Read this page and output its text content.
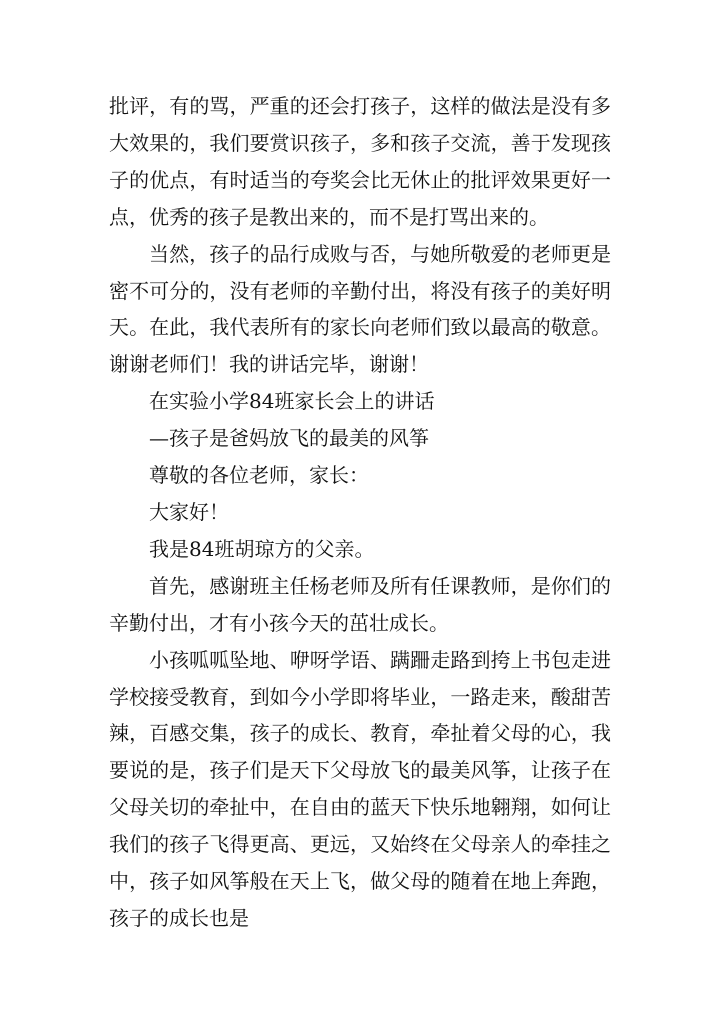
批评，有的骂，严重的还会打孩子，这样的做法是没有多大效果的，我们要赏识孩子，多和孩子交流，善于发现孩子的优点，有时适当的夸奖会比无休止的批评效果更好一点，优秀的孩子是教出来的，而不是打骂出来的。

当然，孩子的品行成败与否，与她所敬爱的老师更是密不可分的，没有老师的辛勤付出，将没有孩子的美好明天。在此，我代表所有的家长向老师们致以最高的敬意。谢谢老师们！我的讲话完毕，谢谢！

在实验小学84班家长会上的讲话

—孩子是爸妈放飞的最美的风筝

尊敬的各位老师，家长：

大家好！

我是84班胡琼方的父亲。

首先，感谢班主任杨老师及所有任课教师，是你们的辛勤付出，才有小孩今天的茁壮成长。

小孩呱呱坠地、咿呀学语、蹒跚走路到挎上书包走进学校接受教育，到如今小学即将毕业，一路走来，酸甜苦辣，百感交集，孩子的成长、教育，牵扯着父母的心，我要说的是，孩子们是天下父母放飞的最美风筝，让孩子在父母关切的牵扯中，在自由的蓝天下快乐地翱翔，如何让我们的孩子飞得更高、更远，又始终在父母亲人的牵挂之中，孩子如风筝般在天上飞，做父母的随着在地上奔跑，孩子的成长也是
